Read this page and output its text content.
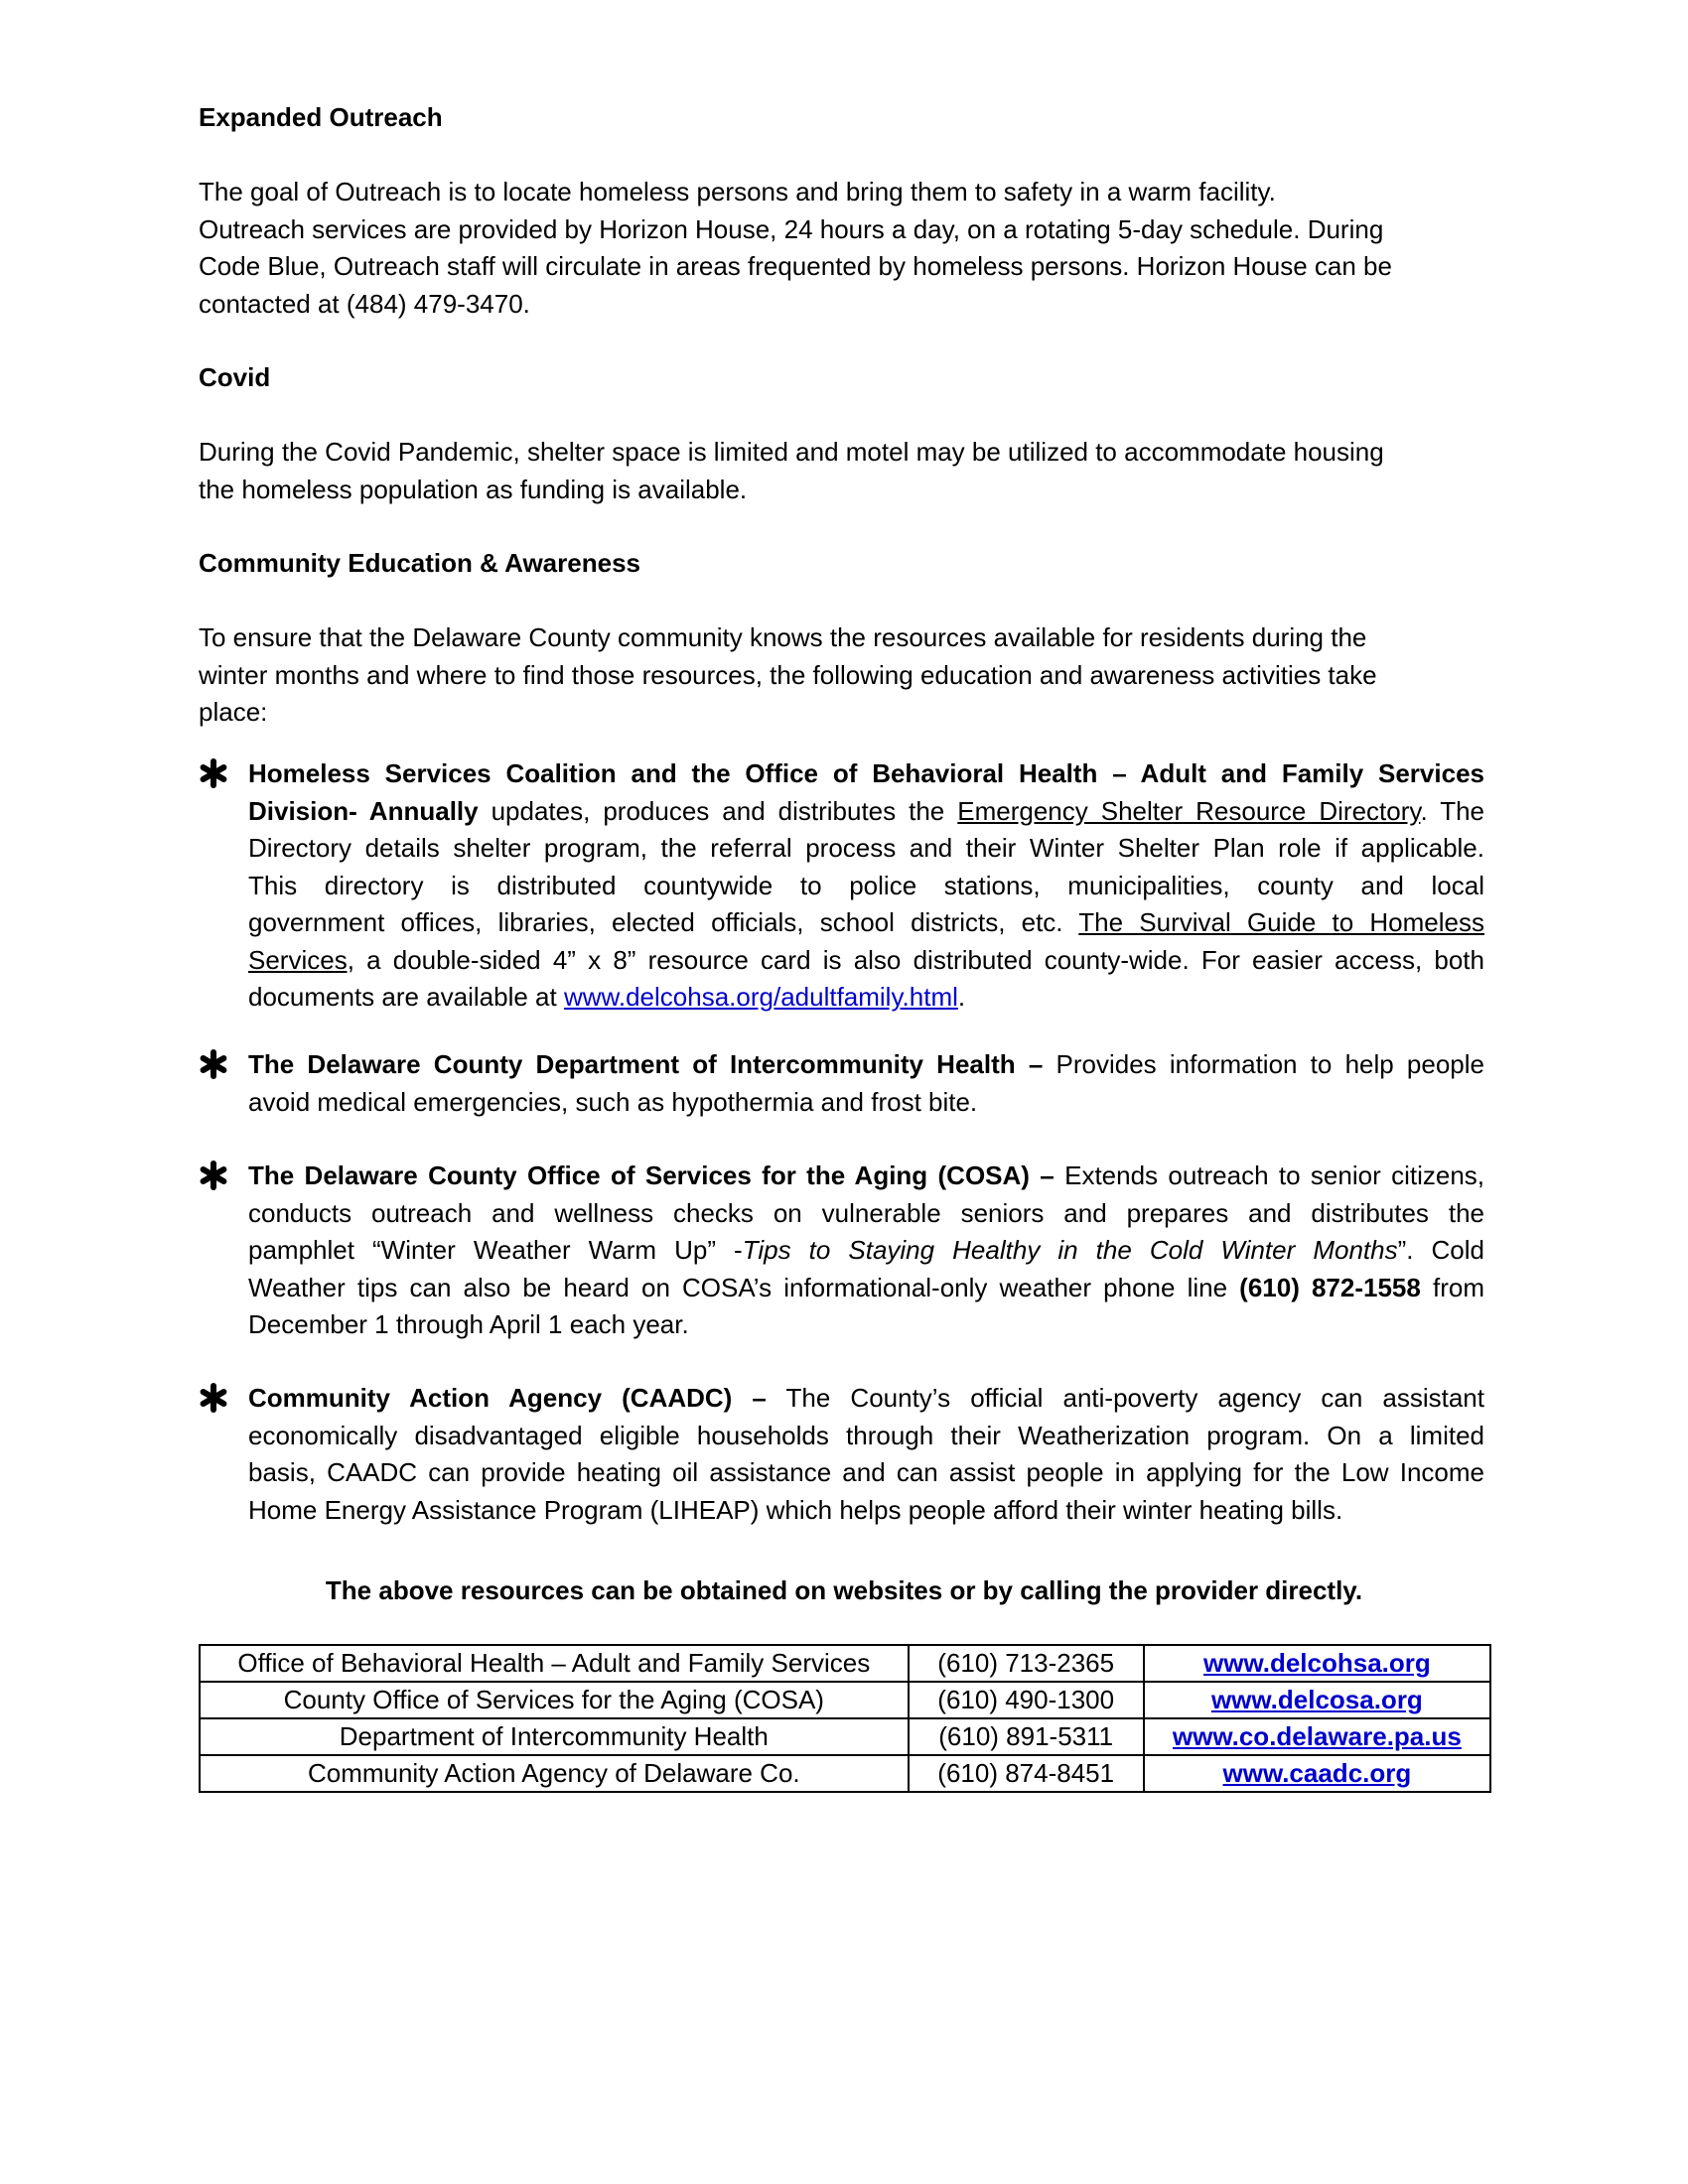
Expanded Outreach
The goal of Outreach is to locate homeless persons and bring them to safety in a warm facility.
Outreach services are provided by Horizon House, 24 hours a day, on a rotating 5-day schedule. During
Code Blue, Outreach staff will circulate in areas frequented by homeless persons. Horizon House can be
contacted at (484) 479-3470.
Covid
During the Covid Pandemic, shelter space is limited and motel may be utilized to accommodate housing
the homeless population as funding is available.
Community Education & Awareness
To ensure that the Delaware County community knows the resources available for residents during the
winter months and where to find those resources, the following education and awareness activities take
place:
Homeless Services Coalition and the Office of Behavioral Health – Adult and Family Services
Division- Annually updates, produces and distributes the Emergency Shelter Resource Directory. The
Directory details shelter program, the referral process and their Winter Shelter Plan role if applicable.
This directory is distributed countywide to police stations, municipalities, county and local
government offices, libraries, elected officials, school districts, etc. The Survival Guide to Homeless
Services, a double-sided 4” x 8” resource card is also distributed county-wide. For easier access, both
documents are available at www.delcohsa.org/adultfamily.html.
The Delaware County Department of Intercommunity Health – Provides information to help people
avoid medical emergencies, such as hypothermia and frost bite.
The Delaware County Office of Services for the Aging (COSA) – Extends outreach to senior citizens,
conducts outreach and wellness checks on vulnerable seniors and prepares and distributes the
pamphlet “Winter Weather Warm Up” -Tips to Staying Healthy in the Cold Winter Months”. Cold
Weather tips can also be heard on COSA’s informational-only weather phone line (610) 872-1558 from
December 1 through April 1 each year.
Community Action Agency (CAADC) – The County’s official anti-poverty agency can assistant
economically disadvantaged eligible households through their Weatherization program. On a limited
basis, CAADC can provide heating oil assistance and can assist people in applying for the Low Income
Home Energy Assistance Program (LIHEAP) which helps people afford their winter heating bills.
The above resources can be obtained on websites or by calling the provider directly.
Office of Behavioral Health – Adult and Family Services	(610) 713-2365	www.delcohsa.org
County Office of Services for the Aging (COSA)	(610) 490-1300	www.delcosa.org
Department of Intercommunity Health	(610) 891-5311	www.co.delaware.pa.us
Community Action Agency of Delaware Co.	(610) 874-8451	www.caadc.org
